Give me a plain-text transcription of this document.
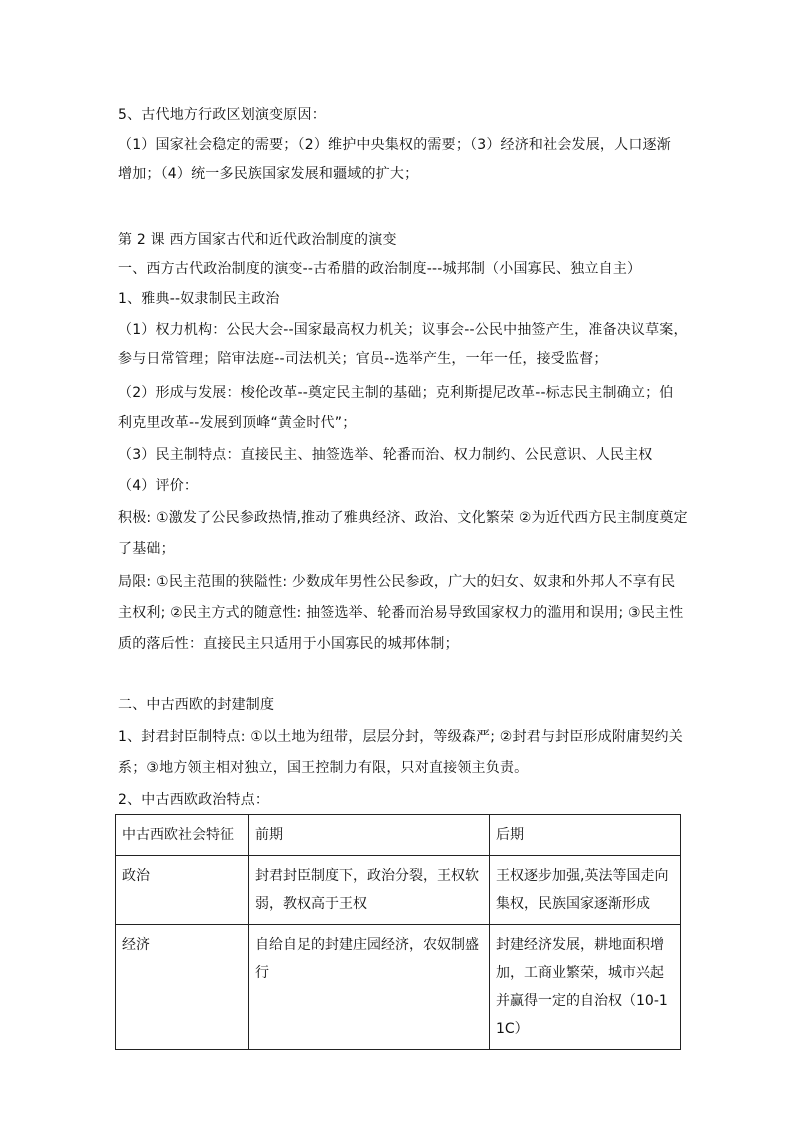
5、古代地方行政区划演变原因：
（1）国家社会稳定的需要；（2）维护中央集权的需要；（3）经济和社会发展，人口逐渐
增加；（4）统一多民族国家发展和疆域的扩大；
第 2 课 西方国家古代和近代政治制度的演变
一、西方古代政治制度的演变--古希腊的政治制度---城邦制（小国寡民、独立自主）
1、雅典--奴隶制民主政治
（1）权力机构：公民大会--国家最高权力机关；议事会--公民中抽签产生，准备决议草案，
参与日常管理；陪审法庭--司法机关；官员--选举产生，一年一任，接受监督；
（2）形成与发展：梭伦改革--奠定民主制的基础；克利斯提尼改革--标志民主制确立；伯
利克里改革--发展到顶峰“黄金时代”；
（3）民主制特点：直接民主、抽签选举、轮番而治、权力制约、公民意识、人民主权
（4）评价：
积极: ①激发了公民参政热情,推动了雅典经济、政治、文化繁荣 ②为近代西方民主制度奠定
了基础；
局限: ①民主范围的狭隘性: 少数成年男性公民参政，广大的妇女、奴隶和外邦人不享有民
主权利; ②民主方式的随意性: 抽签选举、轮番而治易导致国家权力的滥用和误用; ③民主性
质的落后性：直接民主只适用于小国寡民的城邦体制；
二、中古西欧的封建制度
1、封君封臣制特点: ①以土地为纽带，层层分封，等级森严; ②封君与封臣形成附庸契约关
系；③地方领主相对独立，国王控制力有限，只对直接领主负责。
2、中古西欧政治特点：
中古西欧社会特征	前期	后期
政治	封君封臣制度下，政治分裂，王权软弱，教权高于王权	王权逐步加强,英法等国走向集权，民族国家逐渐形成
经济	自给自足的封建庄园经济，农奴制盛行	封建经济发展，耕地面积增加，工商业繁荣，城市兴起并赢得一定的自治权（10-11C）
